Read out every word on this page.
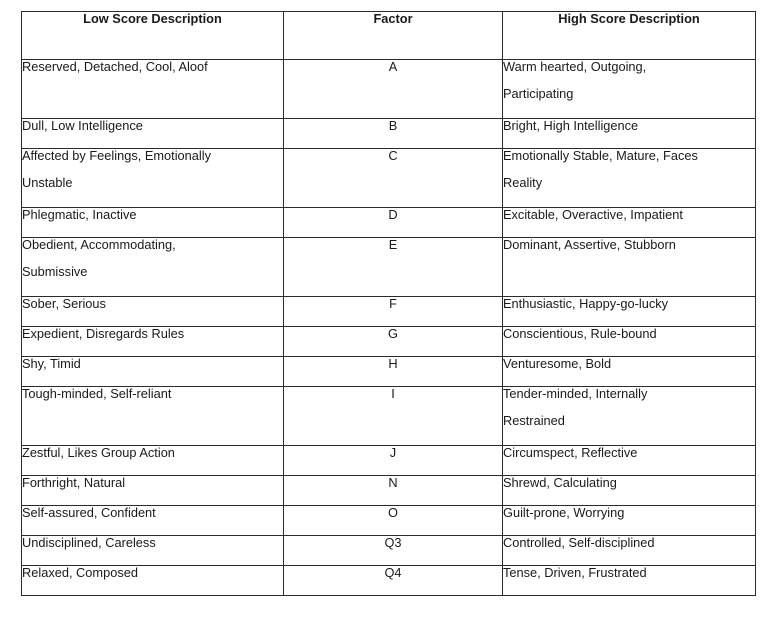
Low Score Description	Factor	High Score Description

Reserved, Detached, Cool, Aloof	A	Warm hearted, Outgoing,
Participating

Dull, Low Intelligence	B	Bright, High Intelligence

Affected by Feelings, Emotionally
Unstable	C	Emotionally Stable, Mature, Faces
Reality

Phlegmatic, Inactive	D	Excitable, Overactive, Impatient

Obedient, Accommodating,
Submissive	E	Dominant, Assertive, Stubborn

Sober, Serious	F	Enthusiastic, Happy-go-lucky

Expedient, Disregards Rules	G	Conscientious, Rule-bound

Shy, Timid	H	Venturesome, Bold

Tough-minded, Self-reliant	I	Tender-minded, Internally
Restrained

Zestful, Likes Group Action	J	Circumspect, Reflective

Forthright, Natural	N	Shrewd, Calculating

Self-assured, Confident	O	Guilt-prone, Worrying

Undisciplined, Careless	Q3	Controlled, Self-disciplined

Relaxed, Composed	Q4	Tense, Driven, Frustrated
